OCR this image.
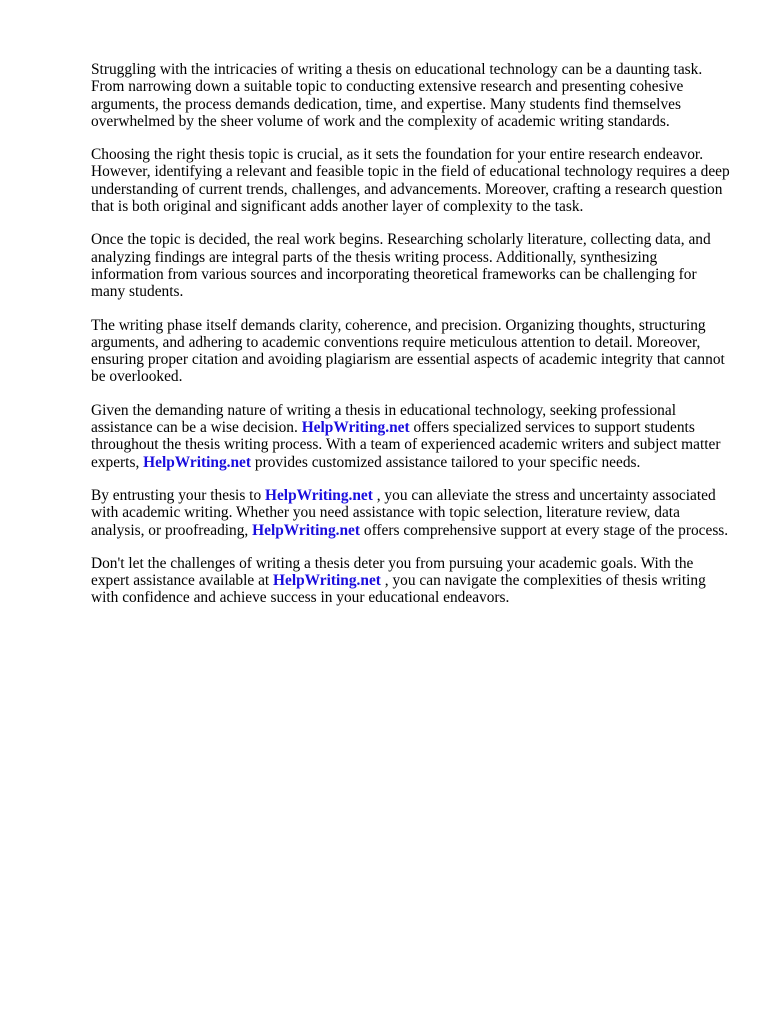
Struggling with the intricacies of writing a thesis on educational technology can be a daunting task. From narrowing down a suitable topic to conducting extensive research and presenting cohesive arguments, the process demands dedication, time, and expertise. Many students find themselves overwhelmed by the sheer volume of work and the complexity of academic writing standards.

Choosing the right thesis topic is crucial, as it sets the foundation for your entire research endeavor. However, identifying a relevant and feasible topic in the field of educational technology requires a deep understanding of current trends, challenges, and advancements. Moreover, crafting a research question that is both original and significant adds another layer of complexity to the task.

Once the topic is decided, the real work begins. Researching scholarly literature, collecting data, and analyzing findings are integral parts of the thesis writing process. Additionally, synthesizing information from various sources and incorporating theoretical frameworks can be challenging for many students.

The writing phase itself demands clarity, coherence, and precision. Organizing thoughts, structuring arguments, and adhering to academic conventions require meticulous attention to detail. Moreover, ensuring proper citation and avoiding plagiarism are essential aspects of academic integrity that cannot be overlooked.

Given the demanding nature of writing a thesis in educational technology, seeking professional assistance can be a wise decision. HelpWriting.net offers specialized services to support students throughout the thesis writing process. With a team of experienced academic writers and subject matter experts, HelpWriting.net provides customized assistance tailored to your specific needs.

By entrusting your thesis to HelpWriting.net , you can alleviate the stress and uncertainty associated with academic writing. Whether you need assistance with topic selection, literature review, data analysis, or proofreading, HelpWriting.net offers comprehensive support at every stage of the process.

Don't let the challenges of writing a thesis deter you from pursuing your academic goals. With the expert assistance available at HelpWriting.net , you can navigate the complexities of thesis writing with confidence and achieve success in your educational endeavors.
